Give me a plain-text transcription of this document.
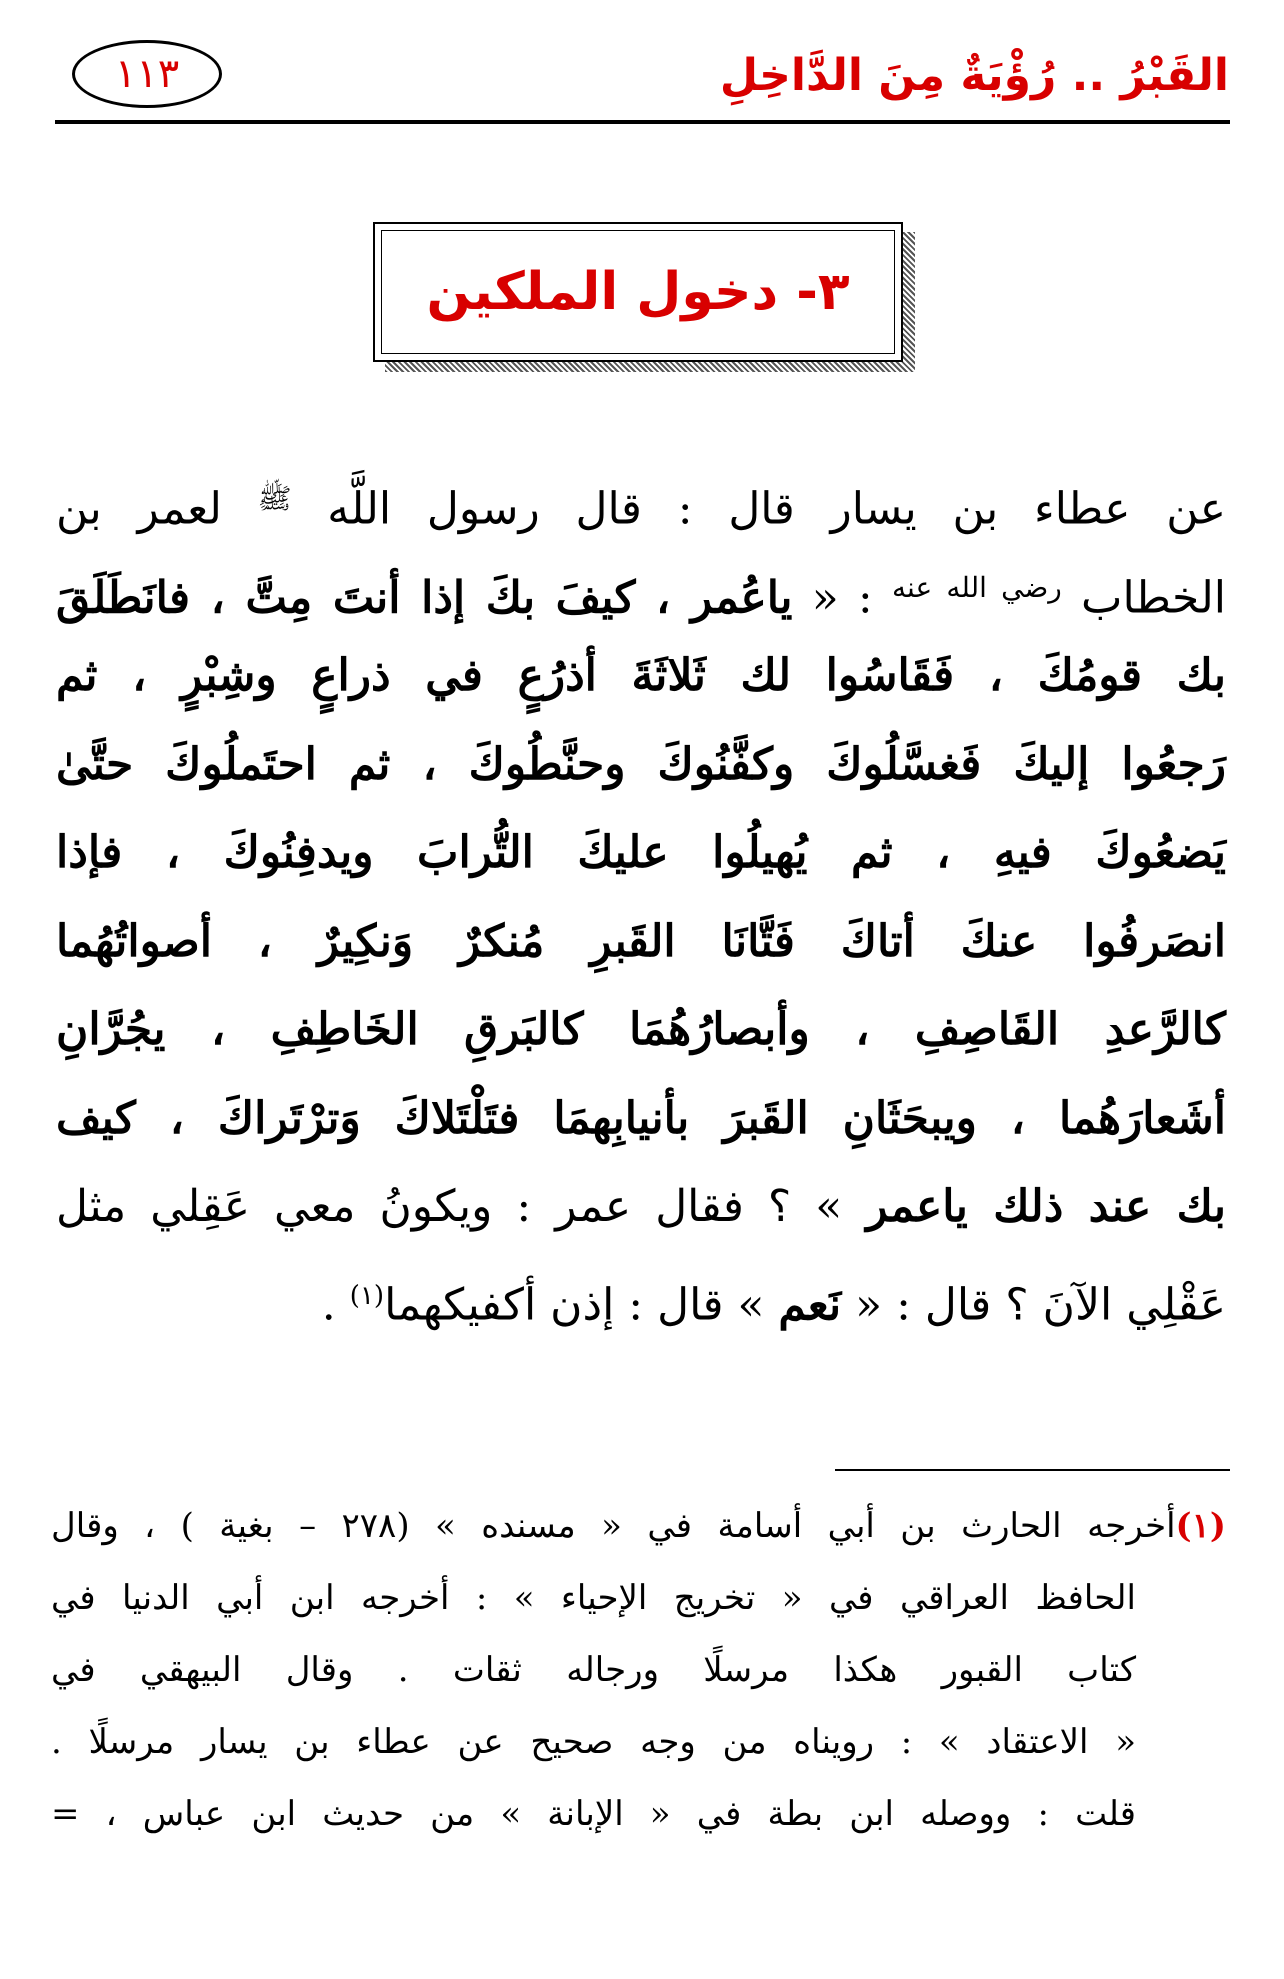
القَبْرُ .. رُؤْيَةٌ مِنَ الدَّاخِلِ
١١٣
٣- دخول الملكين
عن عطاء بن يسار قال : قال رسول اللَّه $^ﷺ$ لعمر بن
الخطاب $^{رضي الله عنه}$ : « ياعُمر ، كيفَ بكَ إذا أنتَ مِتَّ ، فانَطَلَقَ
بك قومُكَ ، فَقَاسُوا لك ثَلاثَةَ أذرُعٍ في ذراعٍ وشِبْرٍ ، ثم
رَجعُوا إليكَ فَغسَّلُوكَ وكفَّنُوكَ وحنَّطُوكَ ، ثم احتَملُوكَ حتَّىٰ
يَضعُوكَ فيهِ ، ثم يُهيلُوا عليكَ التُّرابَ ويدفِنُوكَ ، فإذا
انصَرفُوا عنكَ أتاكَ فَتَّانَا القَبرِ مُنكرٌ وَنكِيرٌ ، أصواتُهُما
كالرَّعدِ القَاصِفِ ، وأبصارُهُمَا كالبَرقِ الخَاطِفِ ، يجُرَّانِ
أشَعارَهُما ، ويبحَثَانِ القَبرَ بأنيابِهمَا فتَلْتَلاكَ وَترْتَراكَ ، كيف
بك عند ذلك ياعمر » ؟ فقال عمر : ويكونُ معي عَقِلي مثل
عَقْلِي الآنَ ؟ قال : « نَعم » قال : إذن أكفيكهما$^{(١)}$ .
(١)أخرجه الحارث بن أبي أسامة في « مسنده » (٢٧٨ – بغية ) ، وقال
الحافظ العراقي في « تخريج الإحياء » : أخرجه ابن أبي الدنيا في
كتاب القبور هكذا مرسلًا ورجاله ثقات . وقال البيهقي في
« الاعتقاد » : رويناه من وجه صحيح عن عطاء بن يسار مرسلًا .
قلت : ووصله ابن بطة في « الإبانة » من حديث ابن عباس ، =
